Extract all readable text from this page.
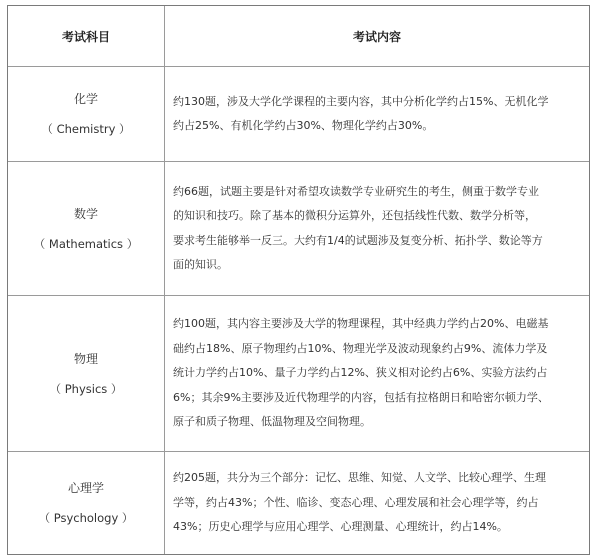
考试科目	考试内容
化学
（ Chemistry ）
约130题，涉及大学化学课程的主要内容，其中分析化学约占15%、无机化学
约占25%、有机化学约占30%、物理化学约占30%。
数学
（ Mathematics ）
约66题，试题主要是针对希望攻读数学专业研究生的考生，侧重于数学专业
的知识和技巧。除了基本的微积分运算外，还包括线性代数、数学分析等，
要求考生能够举一反三。大约有1/4的试题涉及复变分析、拓扑学、数论等方
面的知识。
物理
（ Physics ）
约100题，其内容主要涉及大学的物理课程，其中经典力学约占20%、电磁基
础约占18%、原子物理约占10%、物理光学及波动现象约占9%、流体力学及
统计力学约占10%、量子力学约占12%、狭义相对论约占6%、实验方法约占
6%；其余9%主要涉及近代物理学的内容，包括有拉格朗日和哈密尔顿力学、
原子和质子物理、低温物理及空间物理。
心理学
（ Psychology ）
约205题，共分为三个部分：记忆、思维、知觉、人文学、比较心理学、生理
学等，约占43%；个性、临诊、变态心理、心理发展和社会心理学等，约占
43%；历史心理学与应用心理学、心理测量、心理统计，约占14%。
